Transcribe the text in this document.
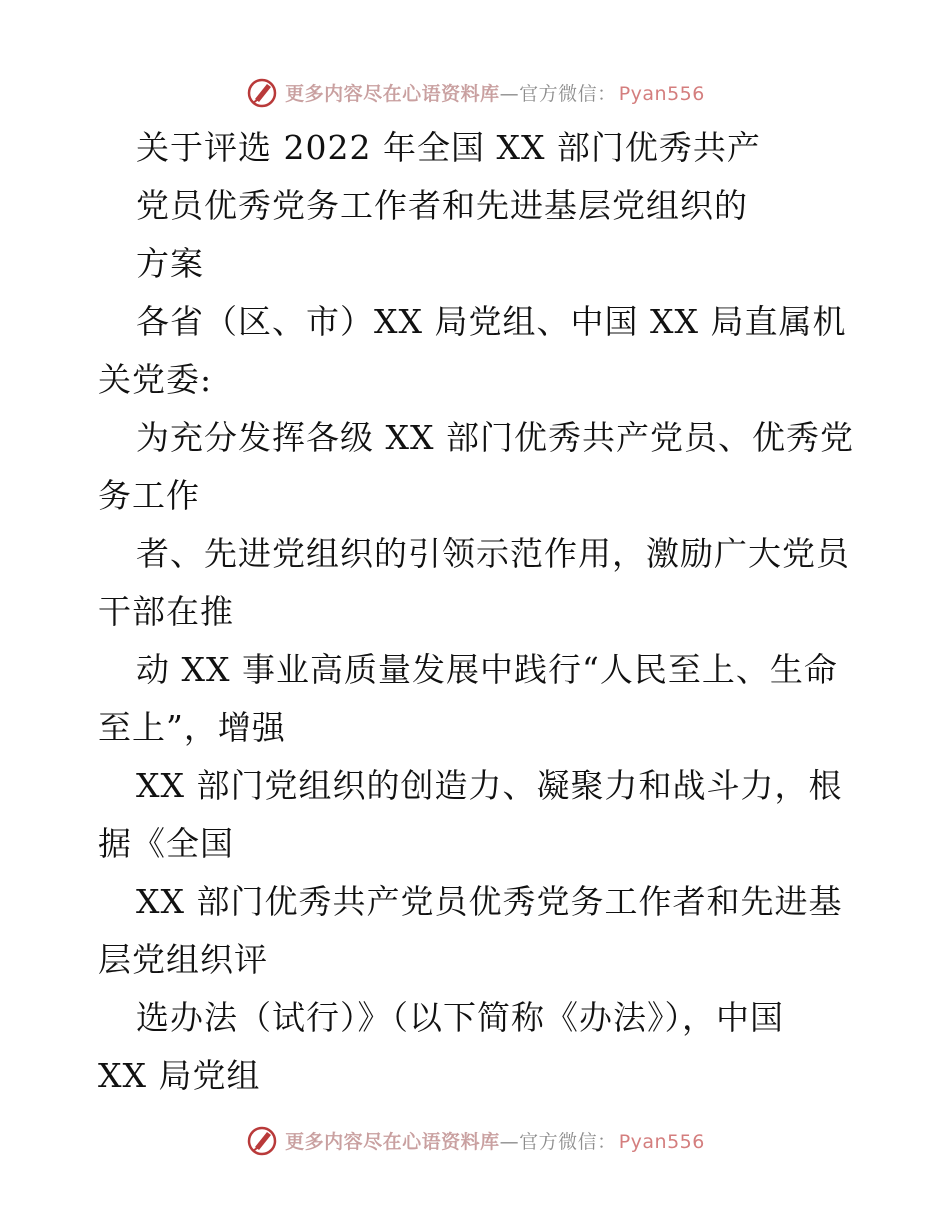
更多内容尽在心语资料库 — 官方微信： Pyan556
关于评选 2022 年全国 XX 部门优秀共产
党员优秀党务工作者和先进基层党组织的
方案
各省（区、市）XX 局党组、中国 XX 局直属机
关党委:
为充分发挥各级 XX 部门优秀共产党员、优秀党
务工作
者、先进党组织的引领示范作用，激励广大党员
干部在推
动 XX 事业高质量发展中践行“人民至上、生命
至上”，增强
XX 部门党组织的创造力、凝聚力和战斗力，根
据《全国
XX 部门优秀共产党员优秀党务工作者和先进基
层党组织评
选办法（试行）》（以下简称《办法》），中国
XX 局党组
更多内容尽在心语资料库 — 官方微信： Pyan556
